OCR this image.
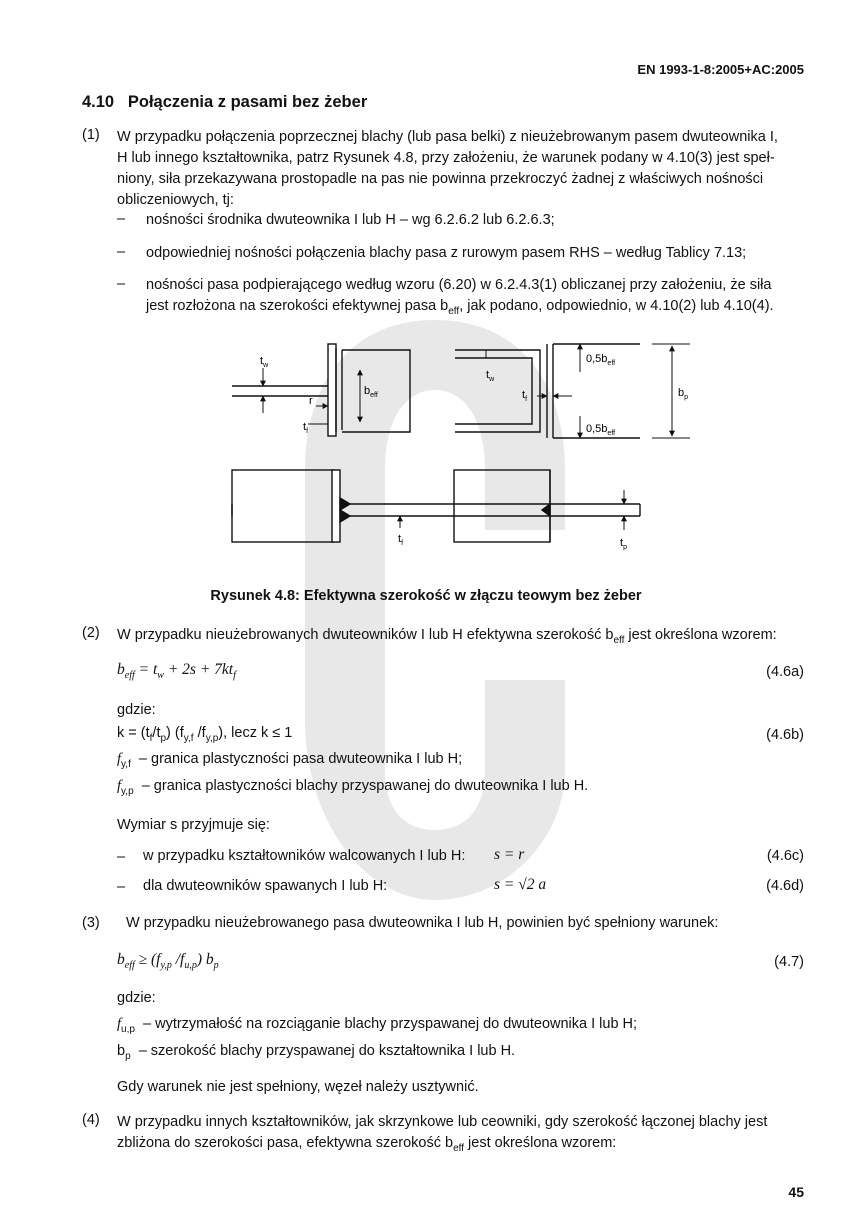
EN 1993-1-8:2005+AC:2005
4.10 Połączenia z pasami bez żeber
(1) W przypadku połączenia poprzecznej blachy (lub pasa belki) z nieużebrowanym pasem dwuteownika I,
H lub innego kształtownika, patrz Rysunek 4.8, przy założeniu, że warunek podany w 4.10(3) jest speł-
niony, siła przekazywana prostopadle na pas nie powinna przekroczyć żadnej z właściwych nośności
obliczeniowych, tj:
– nośności środnika dwuteownika I lub H – wg 6.2.6.2 lub 6.2.6.3;
– odpowiedniej nośności połączenia blachy pasa z rurowym pasem RHS – według Tablicy 7.13;
– nośności pasa podpierającego według wzoru (6.20) w 6.2.4.3(1) obliczanej przy założeniu, że siła
jest rozłożona na szerokości efektywnej pasa $b_{eff}$, jak podano, odpowiednio, w 4.10(2) lub 4.10(4).
$t_w$
r
$t_f$
$b_{eff}$
$t_w$
$t_f$
$0,5b_{eff}$
$0,5b_{eff}$
$b_p$
$t_f$	$t_p$
Rysunek 4.8: Efektywna szerokość w złączu teowym bez żeber
(2) W przypadku nieużebrowanych dwuteowników I lub H efektywna szerokość $b_{eff}$ jest określona wzorem:
$b_{eff} = t_w + 2s + 7kt_f$	(4.6a)
gdzie:
$k = (t_f/t_p)$ ($f_{y,f}$ $/f_{y,p}$), lecz k ≤ 1	(4.6b)
$f_{y,f}$ – granica plastyczności pasa dwuteownika I lub H;
$f_{y,p}$ – granica plastyczności blachy przyspawanej do dwuteownika I lub H.
Wymiar s przyjmuje się:
– w przypadku kształtowników walcowanych I lub H: s = r	(4.6c)
– dla dwuteowników spawanych I lub H:	s = √2 a	(4.6d)
(3) W przypadku nieużebrowanego pasa dwuteownika I lub H, powinien być spełniony warunek:
$b_{eff} \ge (f_{y,p}$ $/f_{u,p}$) $b_p$	(4.7)
gdzie:
$f_{u,p}$ – wytrzymałość na rozciąganie blachy przyspawanej do dwuteownika I lub H;
$b_p$ – szerokość blachy przyspawanej do kształtownika I lub H.
Gdy warunek nie jest spełniony, węzeł należy usztywnić.
(4) W przypadku innych kształtowników, jak skrzynkowe lub ceowniki, gdy szerokość łączonej blachy jest
zbliżona do szerokości pasa, efektywna szerokość $b_{eff}$ jest określona wzorem:
45
